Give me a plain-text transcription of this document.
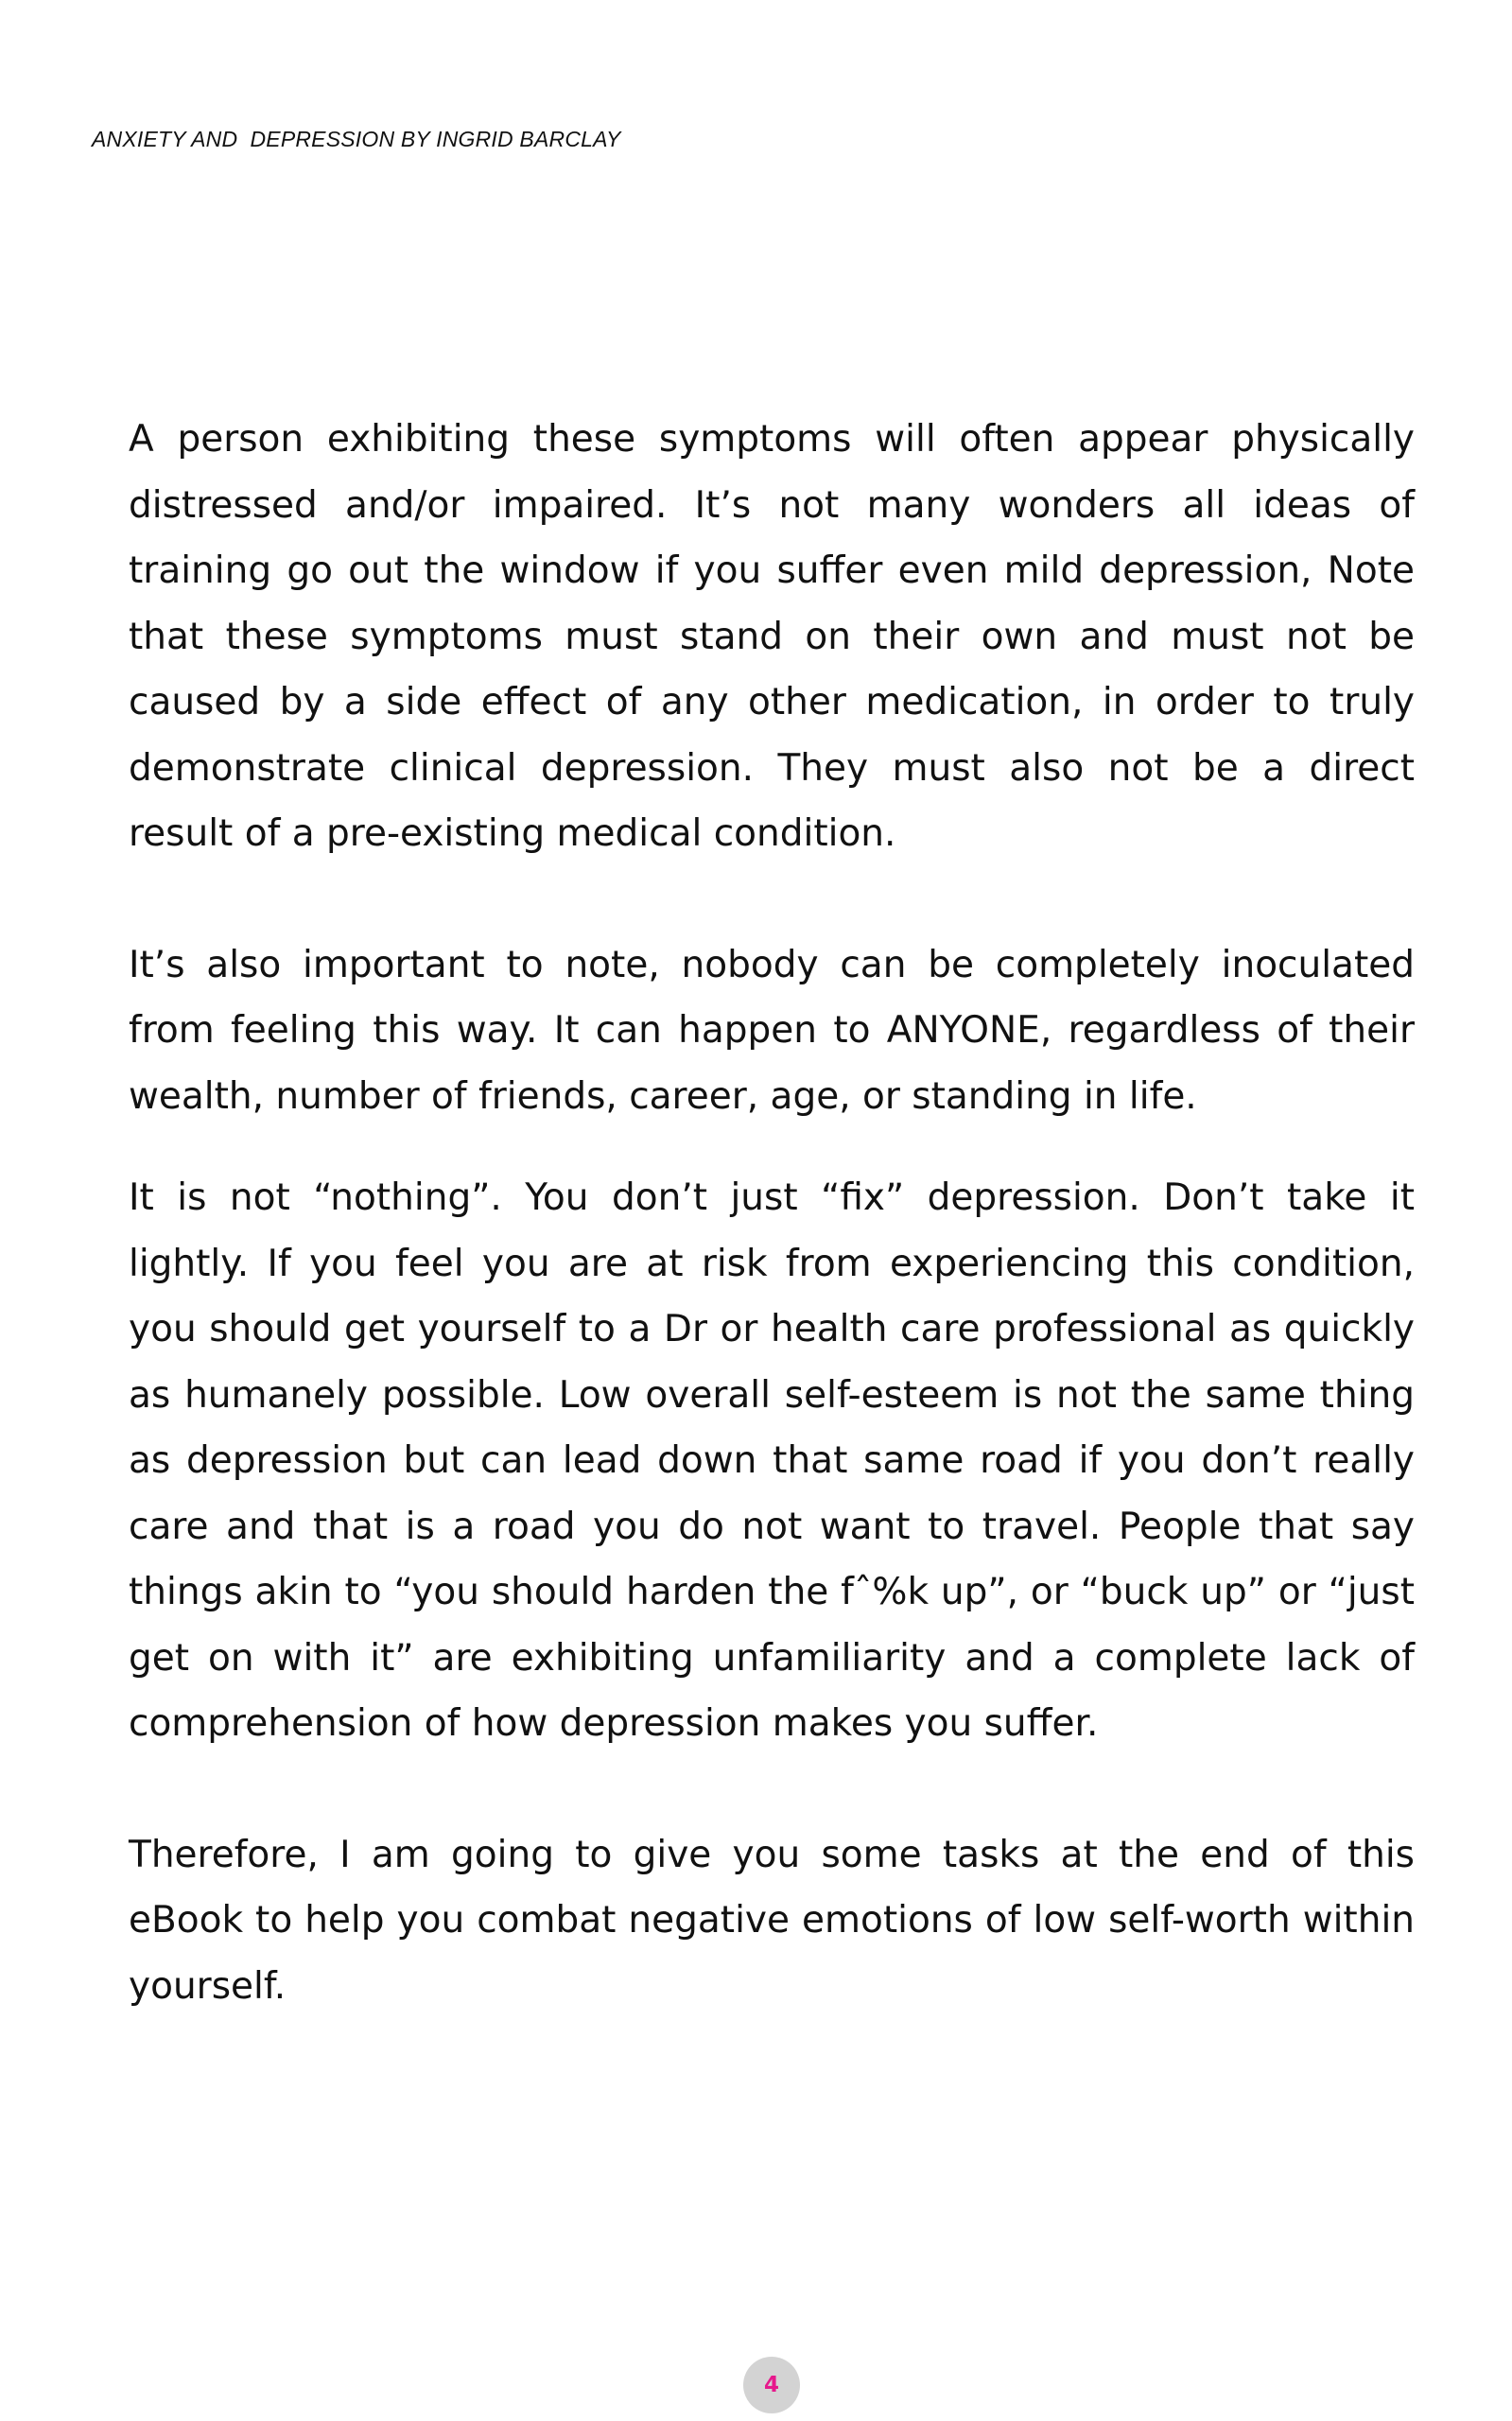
ANXIETY AND  DEPRESSION BY INGRID BARCLAY

A person exhibiting these symptoms will often appear physically distressed and/or impaired. It’s not many wonders all ideas of training go out the window if you suffer even mild depression, Note that these symptoms must stand on their own and must not be caused by a side effect of any other medication, in order to truly demonstrate clinical depression. They must also not be a direct result of a pre-existing medical condition.

It’s also important to note, nobody can be completely inoculated from feeling this way. It can happen to ANYONE, regardless of their wealth, number of friends, career, age, or standing in life.

It is not “nothing”. You don’t just “fix” depression. Don’t take it lightly. If you feel you are at risk from experiencing this condition, you should get yourself to a Dr or health care professional as quickly as humanely possible. Low overall self-esteem is not the same thing as depression but can lead down that same road if you don’t really care and that is a road you do not want to travel. People that say things akin to “you should harden the fˆ%k up”, or “buck up” or “just get on with it” are exhibiting unfamiliarity and a complete lack of comprehension of how depression makes you suffer.

Therefore, I am going to give you some tasks at the end of this eBook to help you combat negative emotions of low self-worth within yourself.

4
